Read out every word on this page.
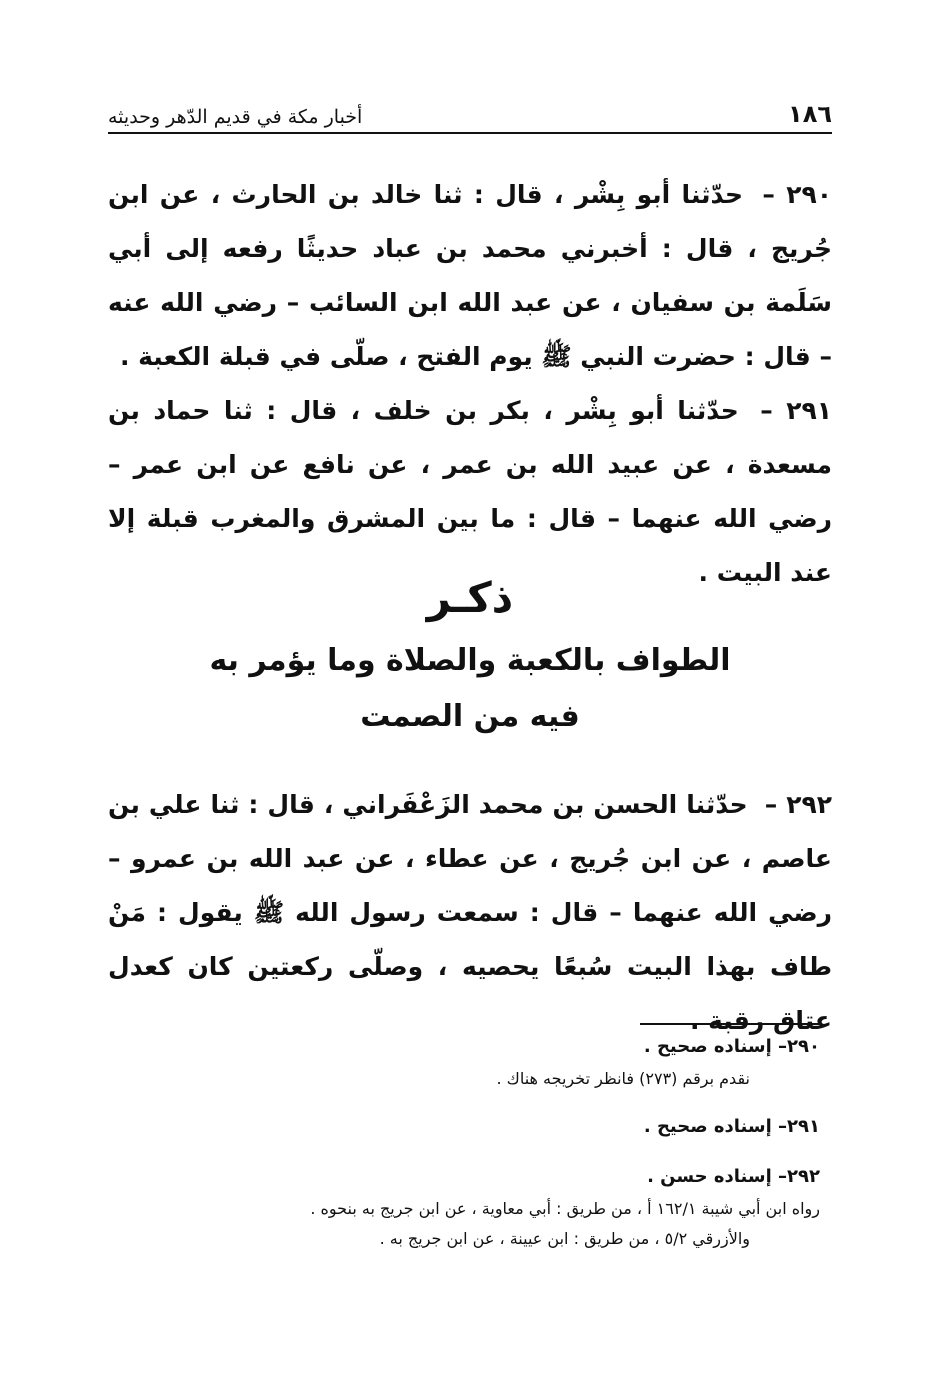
١٨٦
أخبار مكة في قديم الدّهر وحديثه
٢٩٠ – حدّثنا أبو بِشْر ، قال : ثنا خالد بن الحارث ، عن ابن جُريج ، قال : أخبرني محمد بن عباد حديثًا رفعه إلى أبي سَلَمة بن سفيان ، عن عبد الله ابن السائب – رضي الله عنه – قال : حضرت النبي ﷺ يوم الفتح ، صلّى في قبلة الكعبة .
٢٩١ – حدّثنا أبو بِشْر ، بكر بن خلف ، قال : ثنا حماد بن مسعدة ، عن عبيد الله بن عمر ، عن نافع عن ابن عمر – رضي الله عنهما – قال : ما بين المشرق والمغرب قبلة إلا عند البيت .
ذكـر
الطواف بالكعبة والصلاة وما يؤمر به
فيه من الصمت
٢٩٢ – حدّثنا الحسن بن محمد الزَعْفَراني ، قال : ثنا علي بن عاصم ، عن ابن جُريج ، عن عطاء ، عن عبد الله بن عمرو – رضي الله عنهما – قال : سمعت رسول الله ﷺ يقول : مَنْ طاف بهذا البيت سُبعًا يحصيه ، وصلّى ركعتين كان كعدل عتاق رقبة .
٢٩٠– إسناده صحيح .
نقدم برقم (٢٧٣) فانظر تخريجه هناك .
٢٩١– إسناده صحيح .
٢٩٢– إسناده حسن .
رواه ابن أبي شيبة ١٦٢/١ أ ، من طريق : أبي معاوية ، عن ابن جريج به بنحوه .
والأزرقي ٥/٢ ، من طريق : ابن عيينة ، عن ابن جريج به .
